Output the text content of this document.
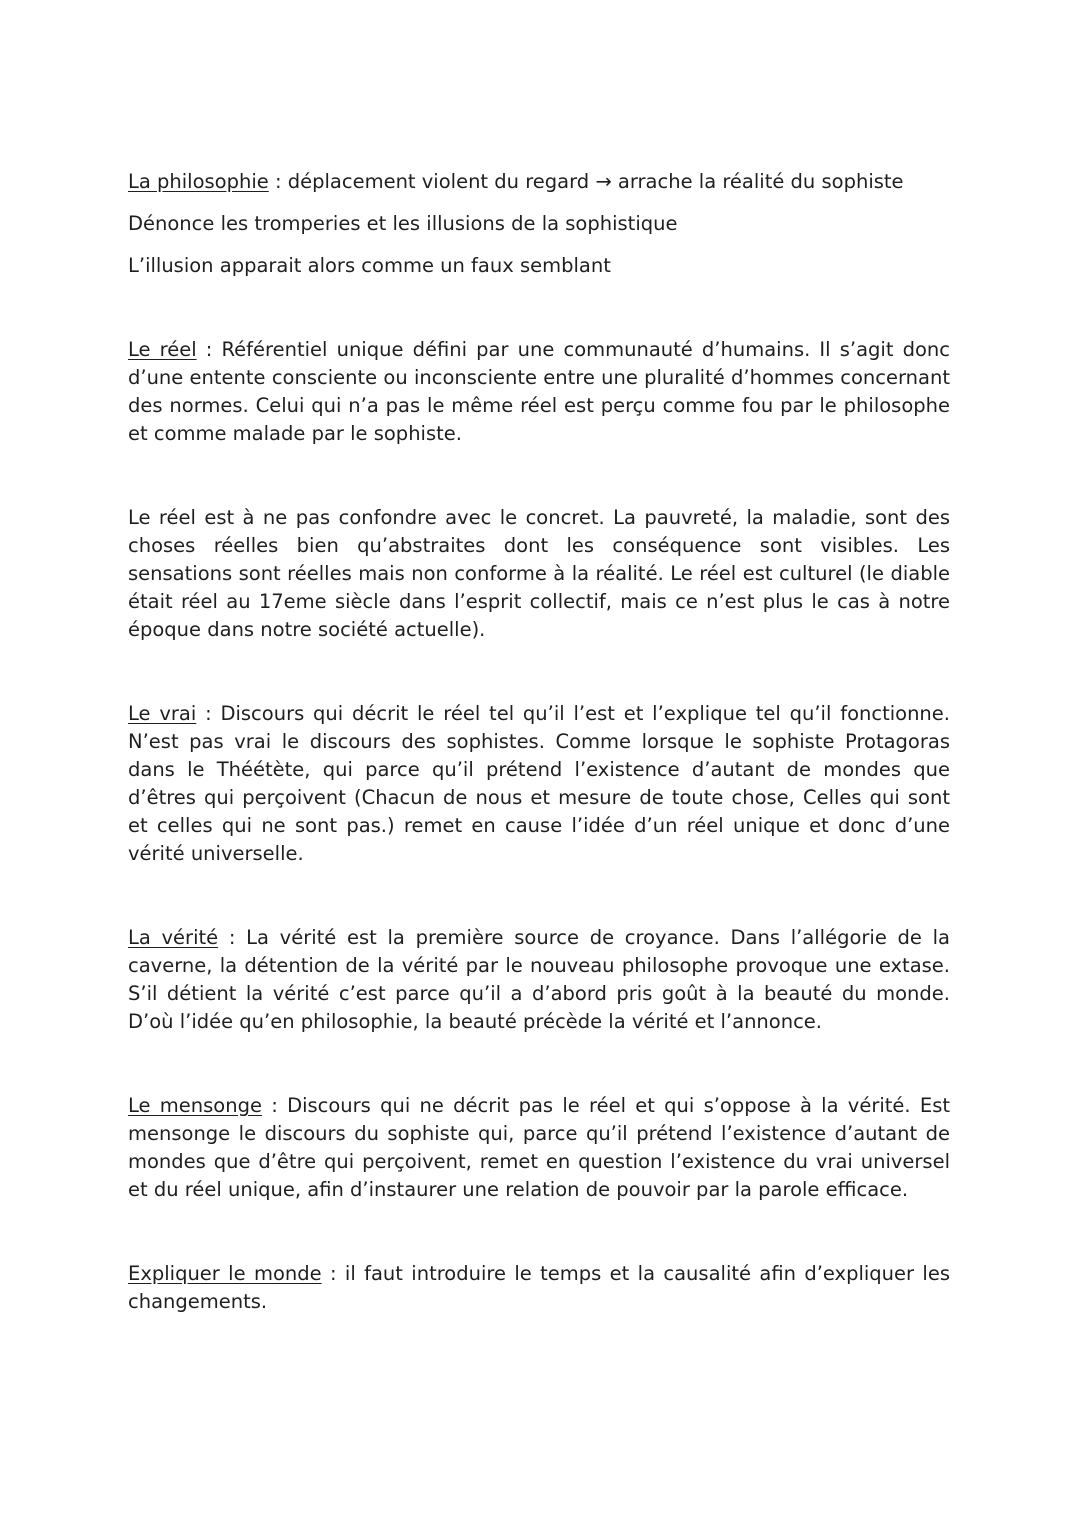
La philosophie : déplacement violent du regard → arrache la réalité du sophiste

Dénonce les tromperies et les illusions de la sophistique

L’illusion apparait alors comme un faux semblant

Le réel : Référentiel unique défini par une communauté d’humains. Il s’agit donc d’une entente consciente ou inconsciente entre une pluralité d’hommes concernant des normes. Celui qui n’a pas le même réel est perçu comme fou par le philosophe et comme malade par le sophiste.

Le réel est à ne pas confondre avec le concret. La pauvreté, la maladie, sont des choses réelles bien qu’abstraites dont les conséquence sont visibles. Les sensations sont réelles mais non conforme à la réalité. Le réel est culturel (le diable était réel au 17eme siècle dans l’esprit collectif, mais ce n’est plus le cas à notre époque dans notre société actuelle).

Le vrai : Discours qui décrit le réel tel qu’il l’est et l’explique tel qu’il fonctionne. N’est pas vrai le discours des sophistes. Comme lorsque le sophiste Protagoras dans le Théétète, qui parce qu’il prétend l’existence d’autant de mondes que d’êtres qui perçoivent (Chacun de nous et mesure de toute chose, Celles qui sont et celles qui ne sont pas.) remet en cause l’idée d’un réel unique et donc d’une vérité universelle.

La vérité : La vérité est la première source de croyance. Dans l’allégorie de la caverne, la détention de la vérité par le nouveau philosophe provoque une extase. S’il détient la vérité c’est parce qu’il a d’abord pris goût à la beauté du monde. D’où l’idée qu’en philosophie, la beauté précède la vérité et l’annonce.

Le mensonge : Discours qui ne décrit pas le réel et qui s’oppose à la vérité. Est mensonge le discours du sophiste qui, parce qu’il prétend l’existence d’autant de mondes que d’être qui perçoivent, remet en question l’existence du vrai universel et du réel unique, afin d’instaurer une relation de pouvoir par la parole efficace.

Expliquer le monde : il faut introduire le temps et la causalité afin d’expliquer les changements.
